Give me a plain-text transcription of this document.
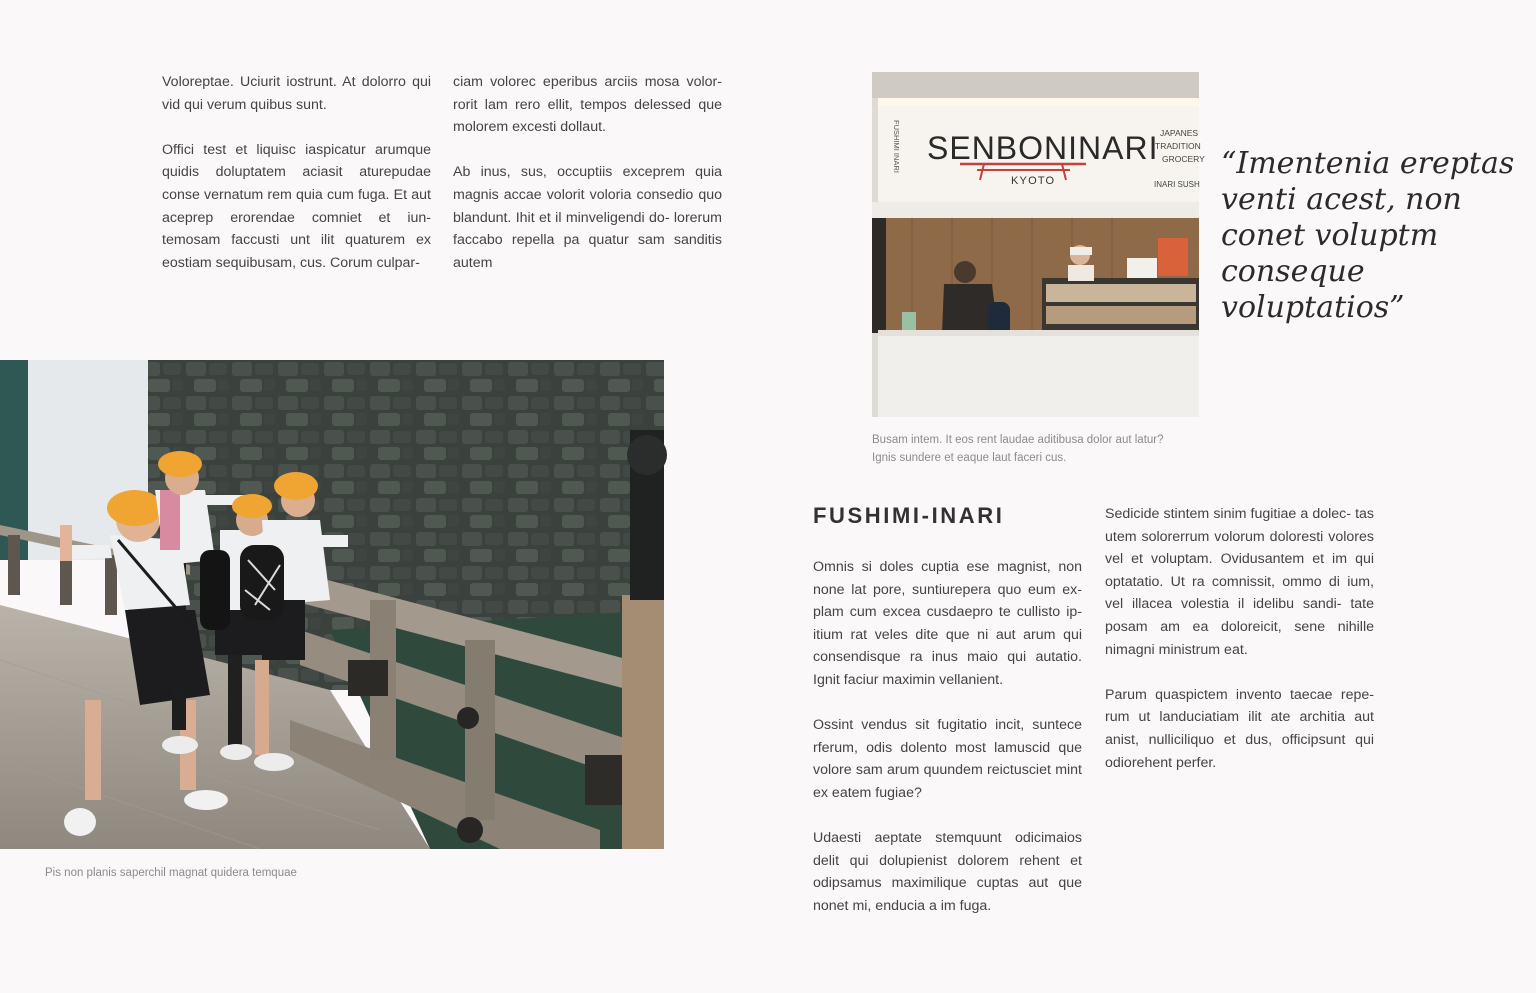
Voloreptae. Uciurit iostrunt. At dolorro qui vid qui verum quibus sunt.

Offici test et liquisc iaspicatur arumque quidis doluptatem aciasit aturepudae conse vernatum rem quia cum fuga. Et aut aceprep erorendae comniet et iun- temosam faccusti unt ilit quaturem ex eostiam sequibusam, cus. Corum culpar-

ciam volorec eperibus arciis mosa volor- rorit lam rero ellit, tempos delessed que molorem excesti dollaut.

Ab inus, sus, occuptiis exceprem quia magnis accae volorit voloria consedio quo blandunt. Ihit et il minveligendi do- lorerum faccabo repella pa quatur sam sanditis autem

Pis non planis saperchil magnat quidera temquae
SENBONINARI
KYOTO
JAPANES
TRADITION
GROCERY
INARI SUSH
FUSHIMI INARI
Busam intem. It eos rent laudae aditibusa dolor aut latur?
Ignis sundere et eaque laut faceri cus.

“Imentenia ereptas venti acest, non conet voluptm conseque voluptatios”

FUSHIMI-INARI

Omnis si doles cuptia ese magnist, non none lat pore, suntiurepera quo eum ex- plam cum excea cusdaepro te cullisto ip- itium rat veles dite que ni aut arum qui consendisque ra inus maio qui autatio. Ignit faciur maximin vellanient.

Ossint vendus sit fugitatio incit, suntece rferum, odis dolento most lamuscid que volore sam arum quundem reictusciet mint ex eatem fugiae?

Udaesti aeptate stemquunt odicimaios delit qui dolupienist dolorem rehent et odipsamus maximilique cuptas aut que nonet mi, enducia a im fuga.

Sedicide stintem sinim fugitiae a dolec- tas utem solorerrum volorum doloresti volores vel et voluptam. Ovidusantem et im qui optatatio. Ut ra comnissit, ommo di ium, vel illacea volestia il idelibu sandi- tate posam am ea doloreicit, sene nihille nimagni ministrum eat.

Parum quaspictem invento taecae repe- rum ut landuciatiam ilit ate architia aut anist, nulliciliquo et dus, officipsunt qui odiorehent perfer.
